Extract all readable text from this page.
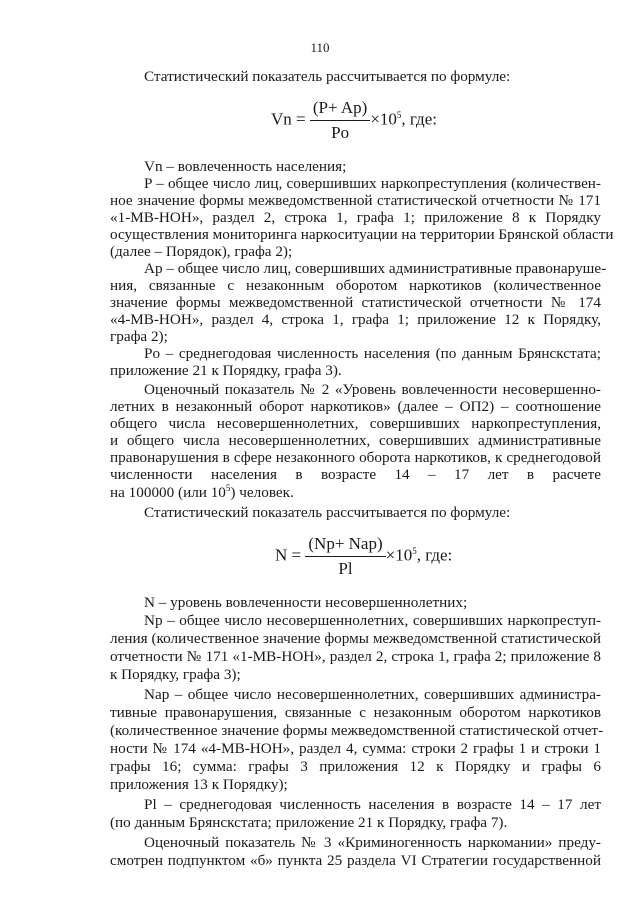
110
Статистический показатель рассчитывается по формуле:
$Vn = \frac{(P+ Ap)}{Po} \times 10^5$, где:
Vn – вовлеченность населения;
P – общее число лиц, совершивших наркопреступления (количествен-
ное значение формы межведомственной статистической отчетности № 171
«1-МВ-НОН», раздел 2, строка 1, графа 1; приложение 8 к Порядку
осуществления мониторинга наркоситуации на территории Брянской области
(далее – Порядок), графа 2);
Ap – общее число лиц, совершивших административные правонаруше-
ния, связанные с незаконным оборотом наркотиков (количественное
значение формы межведомственной статистической отчетности № 174
«4-МВ-НОН», раздел 4, строка 1, графа 1; приложение 12 к Порядку,
графа 2);
Po – среднегодовая численность населения (по данным Брянскстата;
приложение 21 к Порядку, графа 3).
Оценочный показатель № 2 «Уровень вовлеченности несовершенно-
летних в незаконный оборот наркотиков» (далее – ОП2) – соотношение
общего числа несовершеннолетних, совершивших наркопреступления,
и общего числа несовершеннолетних, совершивших административные
правонарушения в сфере незаконного оборота наркотиков, к среднегодовой
численности населения в возрасте 14 – 17 лет в расчете
на 100000 (или $10^5$) человек.
Статистический показатель рассчитывается по формуле:
$N = \frac{\text{(Np+ Nap)}}{Pl} \times 10^5$, где:
N – уровень вовлеченности несовершеннолетних;
Np – общее число несовершеннолетних, совершивших наркопреступ-
ления (количественное значение формы межведомственной статистической
отчетности № 171 «1-МВ-НОН», раздел 2, строка 1, графа 2; приложение 8
к Порядку, графа 3);
Nap – общее число несовершеннолетних, совершивших администра-
тивные правонарушения, связанные с незаконным оборотом наркотиков
(количественное значение формы межведомственной статистической отчет-
ности № 174 «4-МВ-НОН», раздел 4, сумма: строки 2 графы 1 и строки 1
графы 16; сумма: графы 3 приложения 12 к Порядку и графы 6
приложения 13 к Порядку);
Pl – среднегодовая численность населения в возрасте 14 – 17 лет
(по данным Брянскстата; приложение 21 к Порядку, графа 7).
Оценочный показатель № 3 «Криминогенность наркомании» преду-
смотрен подпунктом «б» пункта 25 раздела VI Стратегии государственной
